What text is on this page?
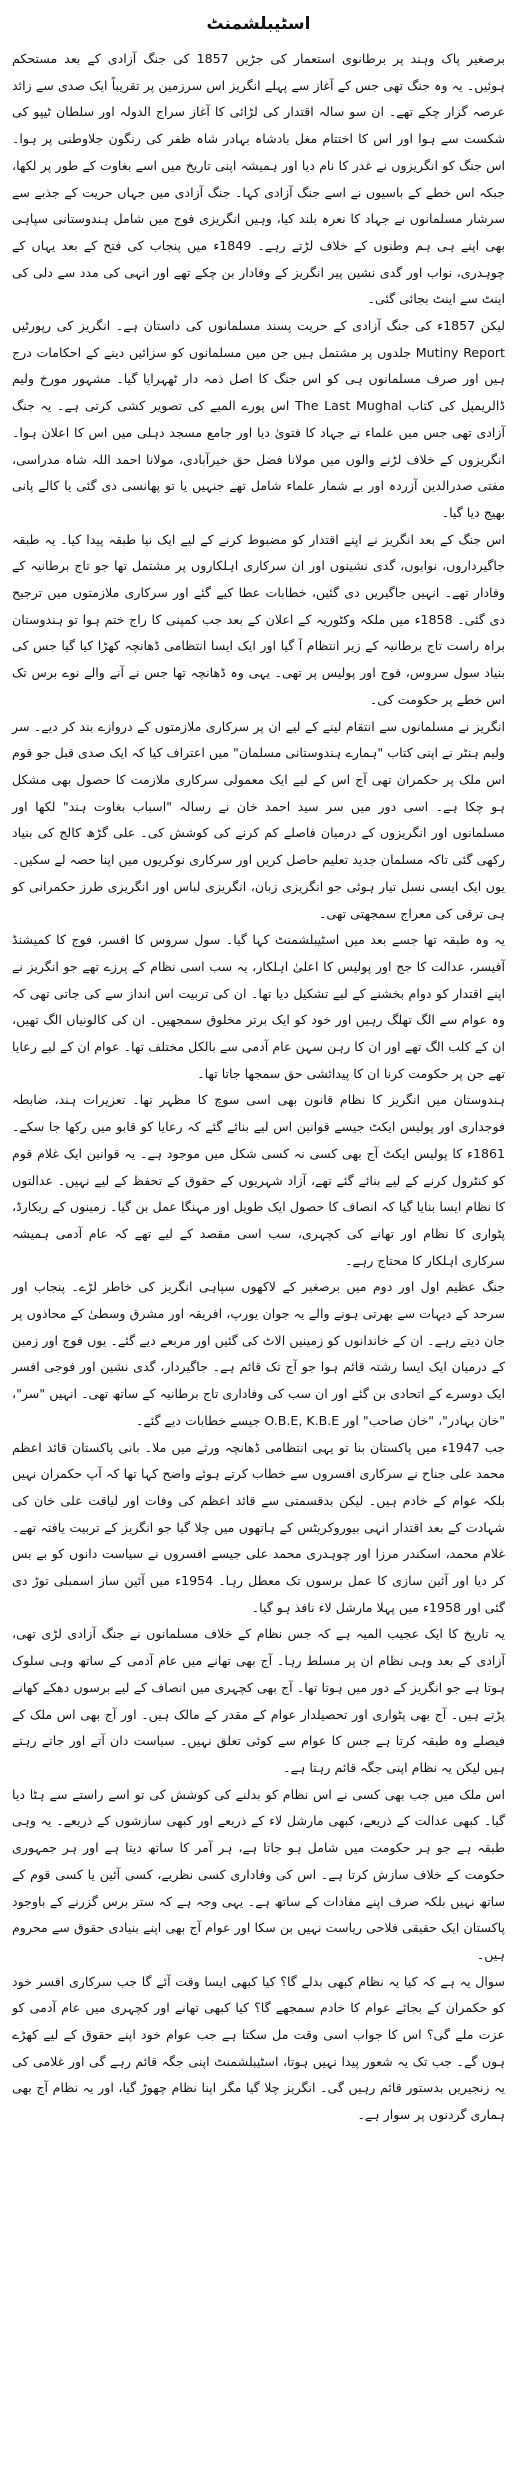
اسٹیبلشمنٹ

برصغیر پاک وہند پر برطانوی استعمار کی جڑیں 1857 کی جنگ آزادی کے بعد مستحکم ہوئیں۔ یہ وہ جنگ تھی جس کے آغاز سے پہلے انگریز اس سرزمین پر تقریباً ایک صدی سے زائد عرصہ گزار چکے تھے۔ ان سو سالہ اقتدار کی لڑائی کا آغاز سراج الدولہ اور سلطان ٹیپو کی شکست سے ہوا اور اس کا اختتام مغل بادشاہ بہادر شاہ ظفر کی رنگون جلاوطنی پر ہوا۔ اس جنگ کو انگریزوں نے غدر کا نام دیا اور ہمیشہ اپنی تاریخ میں اسے بغاوت کے طور پر لکھا، جبکہ اس خطے کے باسیوں نے اسے جنگ آزادی کہا۔ جنگ آزادی میں جہاں حریت کے جذبے سے سرشار مسلمانوں نے جہاد کا نعرہ بلند کیا، وہیں انگریزی فوج میں شامل ہندوستانی سپاہی بھی اپنے ہی ہم وطنوں کے خلاف لڑتے رہے۔ 1849ء میں پنجاب کی فتح کے بعد یہاں کے چوہدری، نواب اور گدی نشین پیر انگریز کے وفادار بن چکے تھے اور انہی کی مدد سے دلی کی اینٹ سے اینٹ بجائی گئی۔

لیکن 1857ء کی جنگ آزادی کے حریت پسند مسلمانوں کی داستان ہے۔ انگریز کی رپورٹیں Mutiny Report جلدوں پر مشتمل ہیں جن میں مسلمانوں کو سزائیں دینے کے احکامات درج ہیں اور صرف مسلمانوں ہی کو اس جنگ کا اصل ذمہ دار ٹھہرایا گیا۔ مشہور مورخ ولیم ڈالریمپل کی کتاب The Last Mughal اس پورے المیے کی تصویر کشی کرتی ہے۔ یہ جنگ آزادی تھی جس میں علماء نے جہاد کا فتویٰ دیا اور جامع مسجد دہلی میں اس کا اعلان ہوا۔ انگریزوں کے خلاف لڑنے والوں میں مولانا فضل حق خیرآبادی، مولانا احمد اللہ شاہ مدراسی، مفتی صدرالدین آزردہ اور بے شمار علماء شامل تھے جنہیں یا تو پھانسی دی گئی یا کالے پانی بھیج دیا گیا۔

اس جنگ کے بعد انگریز نے اپنے اقتدار کو مضبوط کرنے کے لیے ایک نیا طبقہ پیدا کیا۔ یہ طبقہ جاگیرداروں، نوابوں، گدی نشینوں اور ان سرکاری اہلکاروں پر مشتمل تھا جو تاج برطانیہ کے وفادار تھے۔ انہیں جاگیریں دی گئیں، خطابات عطا کیے گئے اور سرکاری ملازمتوں میں ترجیح دی گئی۔ 1858ء میں ملکہ وکٹوریہ کے اعلان کے بعد جب کمپنی کا راج ختم ہوا تو ہندوستان براہ راست تاج برطانیہ کے زیر انتظام آ گیا اور ایک ایسا انتظامی ڈھانچہ کھڑا کیا گیا جس کی بنیاد سول سروس، فوج اور پولیس پر تھی۔ یہی وہ ڈھانچہ تھا جس نے آنے والے نوے برس تک اس خطے پر حکومت کی۔

انگریز نے مسلمانوں سے انتقام لینے کے لیے ان پر سرکاری ملازمتوں کے دروازے بند کر دیے۔ سر ولیم ہنٹر نے اپنی کتاب "ہمارے ہندوستانی مسلمان" میں اعتراف کیا کہ ایک صدی قبل جو قوم اس ملک پر حکمران تھی آج اس کے لیے ایک معمولی سرکاری ملازمت کا حصول بھی مشکل ہو چکا ہے۔ اسی دور میں سر سید احمد خان نے رسالہ "اسباب بغاوت ہند" لکھا اور مسلمانوں اور انگریزوں کے درمیان فاصلے کم کرنے کی کوشش کی۔ علی گڑھ کالج کی بنیاد رکھی گئی تاکہ مسلمان جدید تعلیم حاصل کریں اور سرکاری نوکریوں میں اپنا حصہ لے سکیں۔ یوں ایک ایسی نسل تیار ہوئی جو انگریزی زبان، انگریزی لباس اور انگریزی طرز حکمرانی کو ہی ترقی کی معراج سمجھتی تھی۔

یہ وہ طبقہ تھا جسے بعد میں اسٹیبلشمنٹ کہا گیا۔ سول سروس کا افسر، فوج کا کمیشنڈ آفیسر، عدالت کا جج اور پولیس کا اعلیٰ اہلکار، یہ سب اسی نظام کے پرزے تھے جو انگریز نے اپنے اقتدار کو دوام بخشنے کے لیے تشکیل دیا تھا۔ ان کی تربیت اس انداز سے کی جاتی تھی کہ وہ عوام سے الگ تھلگ رہیں اور خود کو ایک برتر مخلوق سمجھیں۔ ان کی کالونیاں الگ تھیں، ان کے کلب الگ تھے اور ان کا رہن سہن عام آدمی سے بالکل مختلف تھا۔ عوام ان کے لیے رعایا تھے جن پر حکومت کرنا ان کا پیدائشی حق سمجھا جاتا تھا۔

ہندوستان میں انگریز کا نظام قانون بھی اسی سوچ کا مظہر تھا۔ تعزیرات ہند، ضابطہ فوجداری اور پولیس ایکٹ جیسے قوانین اس لیے بنائے گئے کہ رعایا کو قابو میں رکھا جا سکے۔ 1861ء کا پولیس ایکٹ آج بھی کسی نہ کسی شکل میں موجود ہے۔ یہ قوانین ایک غلام قوم کو کنٹرول کرنے کے لیے بنائے گئے تھے، آزاد شہریوں کے حقوق کے تحفظ کے لیے نہیں۔ عدالتوں کا نظام ایسا بنایا گیا کہ انصاف کا حصول ایک طویل اور مہنگا عمل بن گیا۔ زمینوں کے ریکارڈ، پٹواری کا نظام اور تھانے کی کچہری، سب اسی مقصد کے لیے تھے کہ عام آدمی ہمیشہ سرکاری اہلکار کا محتاج رہے۔

جنگ عظیم اول اور دوم میں برصغیر کے لاکھوں سپاہی انگریز کی خاطر لڑے۔ پنجاب اور سرحد کے دیہات سے بھرتی ہونے والے یہ جوان یورپ، افریقہ اور مشرق وسطیٰ کے محاذوں پر جان دیتے رہے۔ ان کے خاندانوں کو زمینیں الاٹ کی گئیں اور مربعے دیے گئے۔ یوں فوج اور زمین کے درمیان ایک ایسا رشتہ قائم ہوا جو آج تک قائم ہے۔ جاگیردار، گدی نشین اور فوجی افسر ایک دوسرے کے اتحادی بن گئے اور ان سب کی وفاداری تاج برطانیہ کے ساتھ تھی۔ انہیں "سر"، "خان بہادر"، "خان صاحب" اور O.B.E, K.B.E جیسے خطابات دیے گئے۔

جب 1947ء میں پاکستان بنا تو یہی انتظامی ڈھانچہ ورثے میں ملا۔ بانی پاکستان قائد اعظم محمد علی جناح نے سرکاری افسروں سے خطاب کرتے ہوئے واضح کہا تھا کہ آپ حکمران نہیں بلکہ عوام کے خادم ہیں۔ لیکن بدقسمتی سے قائد اعظم کی وفات اور لیاقت علی خان کی شہادت کے بعد اقتدار انہی بیوروکریٹس کے ہاتھوں میں چلا گیا جو انگریز کے تربیت یافتہ تھے۔ غلام محمد، اسکندر مرزا اور چوہدری محمد علی جیسے افسروں نے سیاست دانوں کو بے بس کر دیا اور آئین سازی کا عمل برسوں تک معطل رہا۔ 1954ء میں آئین ساز اسمبلی توڑ دی گئی اور 1958ء میں پہلا مارشل لاء نافذ ہو گیا۔

یہ تاریخ کا ایک عجیب المیہ ہے کہ جس نظام کے خلاف مسلمانوں نے جنگ آزادی لڑی تھی، آزادی کے بعد وہی نظام ان پر مسلط رہا۔ آج بھی تھانے میں عام آدمی کے ساتھ وہی سلوک ہوتا ہے جو انگریز کے دور میں ہوتا تھا۔ آج بھی کچہری میں انصاف کے لیے برسوں دھکے کھانے پڑتے ہیں۔ آج بھی پٹواری اور تحصیلدار عوام کے مقدر کے مالک ہیں۔ اور آج بھی اس ملک کے فیصلے وہ طبقہ کرتا ہے جس کا عوام سے کوئی تعلق نہیں۔ سیاست دان آتے اور جاتے رہتے ہیں لیکن یہ نظام اپنی جگہ قائم رہتا ہے۔

اس ملک میں جب بھی کسی نے اس نظام کو بدلنے کی کوشش کی تو اسے راستے سے ہٹا دیا گیا۔ کبھی عدالت کے ذریعے، کبھی مارشل لاء کے ذریعے اور کبھی سازشوں کے ذریعے۔ یہ وہی طبقہ ہے جو ہر حکومت میں شامل ہو جاتا ہے، ہر آمر کا ساتھ دیتا ہے اور ہر جمہوری حکومت کے خلاف سازش کرتا ہے۔ اس کی وفاداری کسی نظریے، کسی آئین یا کسی قوم کے ساتھ نہیں بلکہ صرف اپنے مفادات کے ساتھ ہے۔ یہی وجہ ہے کہ ستر برس گزرنے کے باوجود پاکستان ایک حقیقی فلاحی ریاست نہیں بن سکا اور عوام آج بھی اپنے بنیادی حقوق سے محروم ہیں۔

سوال یہ ہے کہ کیا یہ نظام کبھی بدلے گا؟ کیا کبھی ایسا وقت آئے گا جب سرکاری افسر خود کو حکمران کے بجائے عوام کا خادم سمجھے گا؟ کیا کبھی تھانے اور کچہری میں عام آدمی کو عزت ملے گی؟ اس کا جواب اسی وقت مل سکتا ہے جب عوام خود اپنے حقوق کے لیے کھڑے ہوں گے۔ جب تک یہ شعور پیدا نہیں ہوتا، اسٹیبلشمنٹ اپنی جگہ قائم رہے گی اور غلامی کی یہ زنجیریں بدستور قائم رہیں گی۔ انگریز چلا گیا مگر اپنا نظام چھوڑ گیا، اور یہ نظام آج بھی ہماری گردنوں پر سوار ہے۔
